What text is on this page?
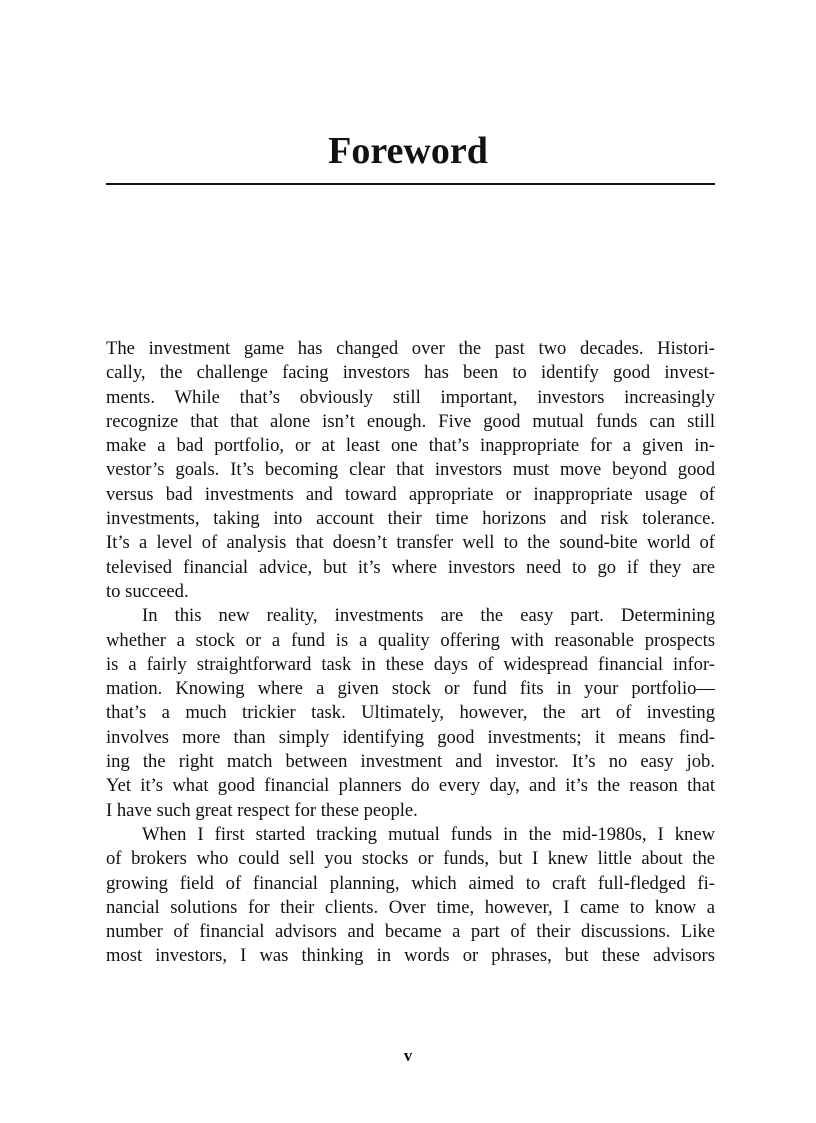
Foreword
The investment game has changed over the past two decades. Histori-
cally, the challenge facing investors has been to identify good invest-
ments. While that’s obviously still important, investors increasingly
recognize that that alone isn’t enough. Five good mutual funds can still
make a bad portfolio, or at least one that’s inappropriate for a given in-
vestor’s goals. It’s becoming clear that investors must move beyond good
versus bad investments and toward appropriate or inappropriate usage of
investments, taking into account their time horizons and risk tolerance.
It’s a level of analysis that doesn’t transfer well to the sound-bite world of
televised financial advice, but it’s where investors need to go if they are
to succeed.
In this new reality, investments are the easy part. Determining
whether a stock or a fund is a quality offering with reasonable prospects
is a fairly straightforward task in these days of widespread financial infor-
mation. Knowing where a given stock or fund fits in your portfolio—
that’s a much trickier task. Ultimately, however, the art of investing
involves more than simply identifying good investments; it means find-
ing the right match between investment and investor. It’s no easy job.
Yet it’s what good financial planners do every day, and it’s the reason that
I have such great respect for these people.
When I first started tracking mutual funds in the mid-1980s, I knew
of brokers who could sell you stocks or funds, but I knew little about the
growing field of financial planning, which aimed to craft full-fledged fi-
nancial solutions for their clients. Over time, however, I came to know a
number of financial advisors and became a part of their discussions. Like
most investors, I was thinking in words or phrases, but these advisors
v
